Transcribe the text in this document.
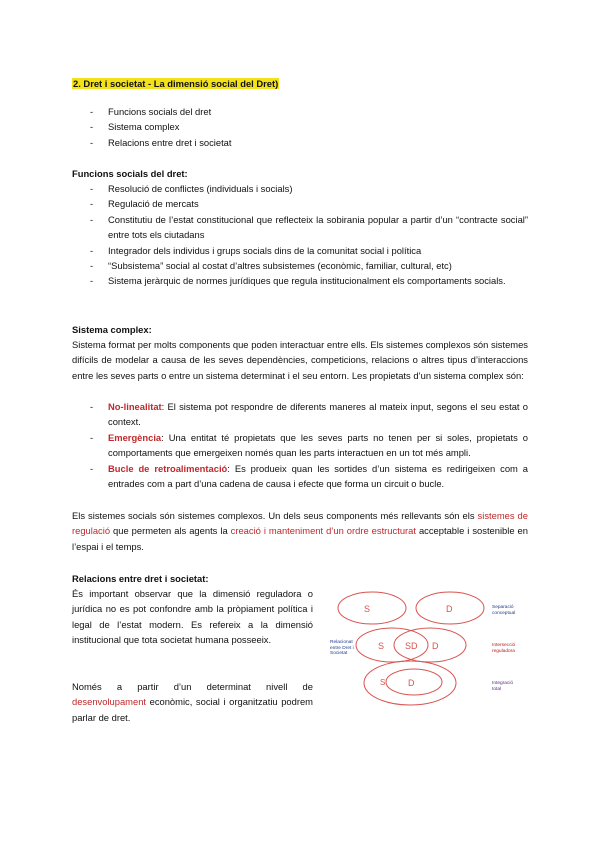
2. Dret i societat - La dimensió social del Dret)
- Funcions socials del dret
- Sistema complex
- Relacions entre dret i societat
Funcions socials del dret:
- Resolució de conflictes (individuals i socials)
- Regulació de mercats
- Constitutiu de l’estat constitucional que reflecteix la sobirania popular a partir d’un “contracte social” entre tots els ciutadans
- Integrador dels individus i grups socials dins de la comunitat social i política
- “Subsistema” social al costat d’altres subsistemes (econòmic, familiar, cultural, etc)
- Sistema jeràrquic de normes jurídiques que regula institucionalment els comportaments socials.
Sistema complex:
Sistema format per molts components que poden interactuar entre ells. Els sistemes complexos són sistemes difícils de modelar a causa de les seves dependències, competicions, relacions o altres tipus d’interaccions entre les seves parts o entre un sistema determinat i el seu entorn. Les propietats d’un sistema complex són:
- No-linealitat: El sistema pot respondre de diferents maneres al mateix input, segons el seu estat o context.
- Emergència: Una entitat té propietats que les seves parts no tenen per si soles, propietats o comportaments que emergeixen només quan les parts interactuen en un tot més ampli.
- Bucle de retroalimentació: Es produeix quan les sortides d’un sistema es redirigeixen com a entrades com a part d’una cadena de causa i efecte que forma un circuit o bucle.
Els sistemes socials són sistemes complexos. Un dels seus components més rellevants són els sistemes de regulació que permeten als agents la creació i manteniment d’un ordre estructurat acceptable i sostenible en l’espai i el temps.
Relacions entre dret i societat:
És important observar que la dimensió reguladora o jurídica no es pot confondre amb la pròpiament política i legal de l’estat modern. Es refereix a la dimensió institucional que tota societat humana posseeix.
Només a partir d’un determinat nivell de desenvolupament econòmic, social i organitzatiu podrem parlar de dret.
S	D
S SD D
S	D
Relacionat
entre Dret i
Societat
Separació
conceptual
Intersecció
reguladora
Integració
total
